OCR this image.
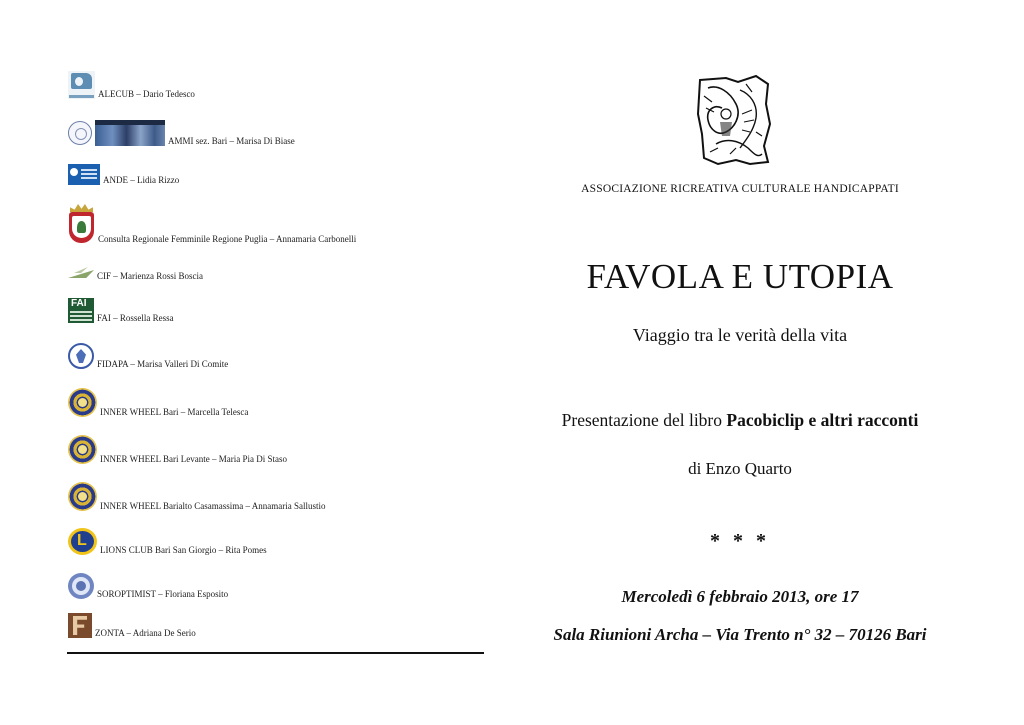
ALECUB – Dario Tedesco
AMMI sez. Bari – Marisa Di Biase
ANDE – Lidia Rizzo
Consulta Regionale Femminile Regione Puglia – Annamaria Carbonelli
CIF – Marienza Rossi Boscia
FAI
FAI – Rossella Ressa
FIDAPA – Marisa Valleri Di Comite
INNER WHEEL Bari – Marcella Telesca
INNER WHEEL Bari Levante – Maria Pia Di Staso
INNER WHEEL Barialto Casamassima – Annamaria Sallustio
L
LIONS CLUB Bari San Giorgio – Rita Pomes
SOROPTIMIST – Floriana Esposito
ZONTA – Adriana De Serio
ASSOCIAZIONE RICREATIVA CULTURALE HANDICAPPATI
FAVOLA E UTOPIA
Viaggio tra le verità della vita
Presentazione del libro Pacobiclip e altri racconti
di Enzo Quarto
* * *
Mercoledì 6 febbraio 2013, ore 17
Sala Riunioni Archa – Via Trento n° 32 – 70126 Bari
